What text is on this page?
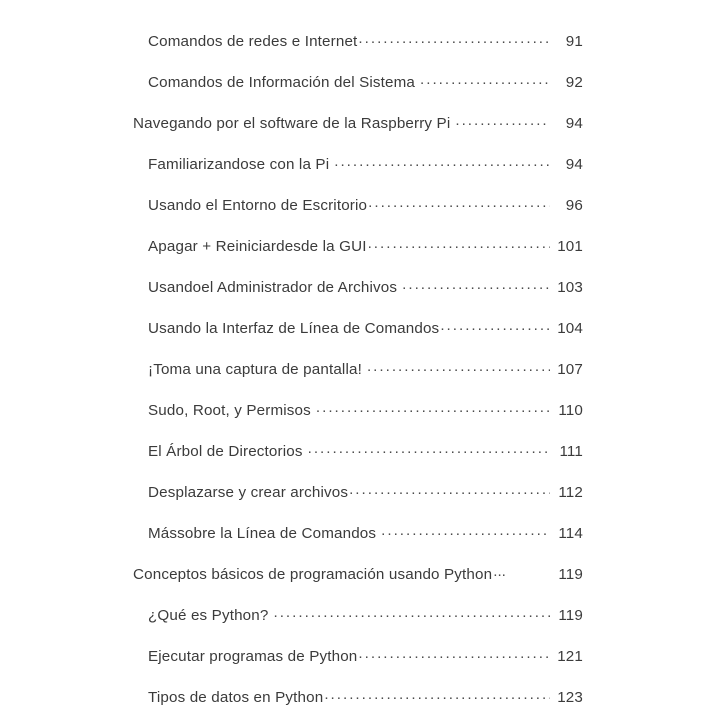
Comandos de redes e Internet .....	91
Comandos de Información del Sistema .....	92
Navegando por el software de la Raspberry Pi .....	94
Familiarizandose con la Pi .....	94
Usando el Entorno de Escritorio .....	96
Apagar + Reiniciardesde la GUI .....	101
Usandoel Administrador de Archivos .....	103
Usando la Interfaz de Línea de Comandos .....	104
¡Toma una captura de pantalla! .....	107
Sudo, Root, y Permisos .....	110
El Árbol de Directorios .....	111
Desplazarse y crear archivos .....	112
Mássobre la Línea de Comandos .....	114
Conceptos básicos de programación usando Python ...	119
¿Qué es Python? .....	119
Ejecutar programas de Python .....	121
Tipos de datos en Python .....	123
